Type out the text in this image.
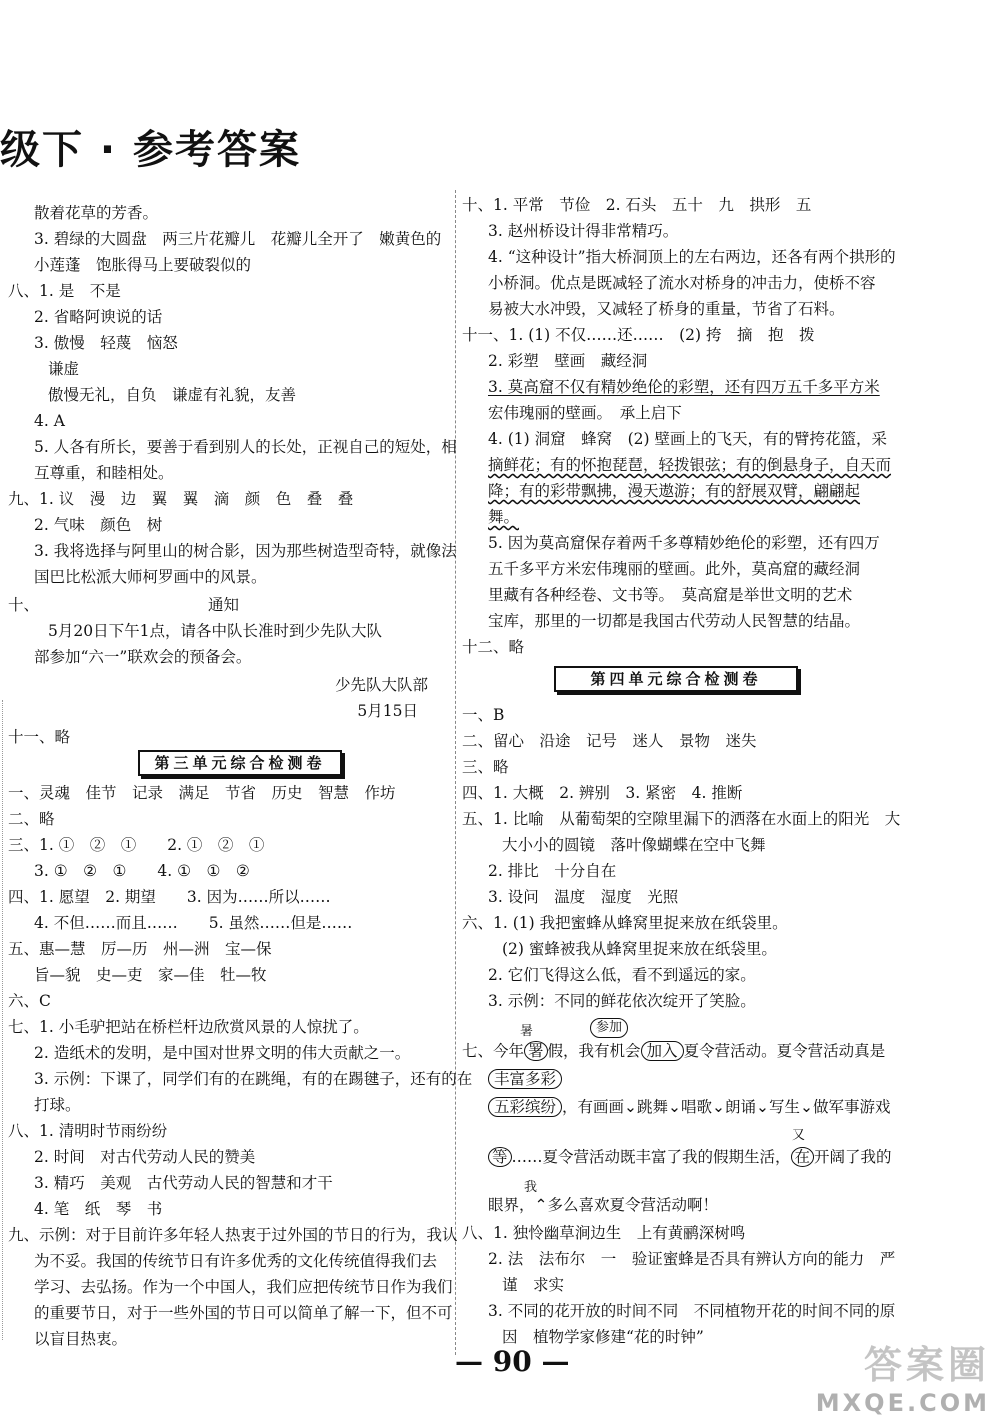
级下 · 参考答案
散着花草的芳香。
3. 碧绿的大圆盘　两三片花瓣儿　花瓣儿全开了　嫩黄色的
小莲蓬　饱胀得马上要破裂似的
八、1. 是　不是
2. 省略阿谀说的话
3. 傲慢　轻蔑　恼怒
谦虚
傲慢无礼，自负　谦虚有礼貌，友善
4. A
5. 人各有所长，要善于看到别人的长处，正视自己的短处，相
互尊重，和睦相处。
九、1. 议　漫　边　翼　翼　滴　颜　色　叠　叠
2. 气味　颜色　树
3. 我将选择与阿里山的树合影，因为那些树造型奇特，就像法
国巴比松派大师柯罗画中的风景。
十、	通知
5月20日下午1点，请各中队长准时到少先队大队
部参加“六一”联欢会的预备会。
少先队大队部
5月15日
十一、略
第三单元综合检测卷
一、灵魂　佳节　记录　满足　节省　历史　智慧　作坊
二、略
三、1. ①　②　①　　2. ①　②　①
3. ①　②　①　　4. ①　①　②
四、1. 愿望　2. 期望　　3. 因为……所以……
4. 不但……而且……　　5. 虽然……但是……
五、惠—慧　厉—历　州—洲　宝—保
旨—貌　史—吏　家—佳　牡—牧
六、C
七、1. 小毛驴把站在桥栏杆边欣赏风景的人惊扰了。
2. 造纸术的发明，是中国对世界文明的伟大贡献之一。
3. 示例：下课了，同学们有的在跳绳，有的在踢毽子，还有的在
打球。
八、1. 清明时节雨纷纷
2. 时间　对古代劳动人民的赞美
3. 精巧　美观　古代劳动人民的智慧和才干
4. 笔　纸　琴　书
九、示例：对于目前许多年轻人热衷于过外国的节日的行为，我认
为不妥。我国的传统节日有许多优秀的文化传统值得我们去
学习、去弘扬。作为一个中国人，我们应把传统节日作为我们
的重要节日，对于一些外国的节日可以简单了解一下，但不可
以盲目热衷。
十、1. 平常　节俭　2. 石头　五十　九　拱形　五
3. 赵州桥设计得非常精巧。
4. “这种设计”指大桥洞顶上的左右两边，还各有两个拱形的
小桥洞。优点是既减轻了流水对桥身的冲击力，使桥不容
易被大水冲毁，又减轻了桥身的重量，节省了石料。
十一、1. (1) 不仅……还……　(2) 挎　摘　抱　拨
2. 彩塑　壁画　藏经洞
3. 莫高窟不仅有精妙绝伦的彩塑，还有四万五千多平方米
宏伟瑰丽的壁画。　承上启下
4. (1) 洞窟　蜂窝　(2) 壁画上的飞天，有的臂挎花篮，采
摘鲜花；有的怀抱琵琶，轻拨银弦；有的倒悬身子，自天而
降；有的彩带飘拂，漫天遨游；有的舒展双臂，翩翩起
舞。
5. 因为莫高窟保存着两千多尊精妙绝伦的彩塑，还有四万
五千多平方米宏伟瑰丽的壁画。此外，莫高窟的藏经洞
里藏有各种经卷、文书等。　莫高窟是举世文明的艺术
宝库，那里的一切都是我国古代劳动人民智慧的结晶。
十二、略
第四单元综合检测卷
一、B
二、留心　沿途　记号　迷人　景物　迷失
三、略
四、1. 大概　2. 辨别　3. 紧密　4. 推断
五、1. 比喻　从葡萄架的空隙里漏下的洒落在水面上的阳光　大
大小小的圆镜　落叶像蝴蝶在空中飞舞
2. 排比　十分自在
3. 设问　温度　湿度　光照
六、1. (1) 我把蜜蜂从蜂窝里捉来放在纸袋里。
(2) 蜜蜂被我从蜂窝里捉来放在纸袋里。
2. 它们飞得这么低，看不到遥远的家。
3. 示例：不同的鲜花依次绽开了笑脸。
暑	参加
七、今年 署 假，我有机会 加入 夏令营活动。夏令营活动真是
丰富多彩
五彩缤纷 ，有画画⌄跳舞⌄唱歌⌄朗诵⌄写生⌄做军事游戏
又
等 ……夏令营活动既丰富了我的假期生活， 在 开阔了我的
我
眼界，⌃多么喜欢夏令营活动啊！
八、1. 独怜幽草涧边生　上有黄鹂深树鸣
2. 法　法布尔　一　验证蜜蜂是否具有辨认方向的能力　严
谨　求实
3. 不同的花开放的时间不同　不同植物开花的时间不同的原
因　植物学家修建“花的时钟”
— 90 —	答案圈
MXQE.COM
